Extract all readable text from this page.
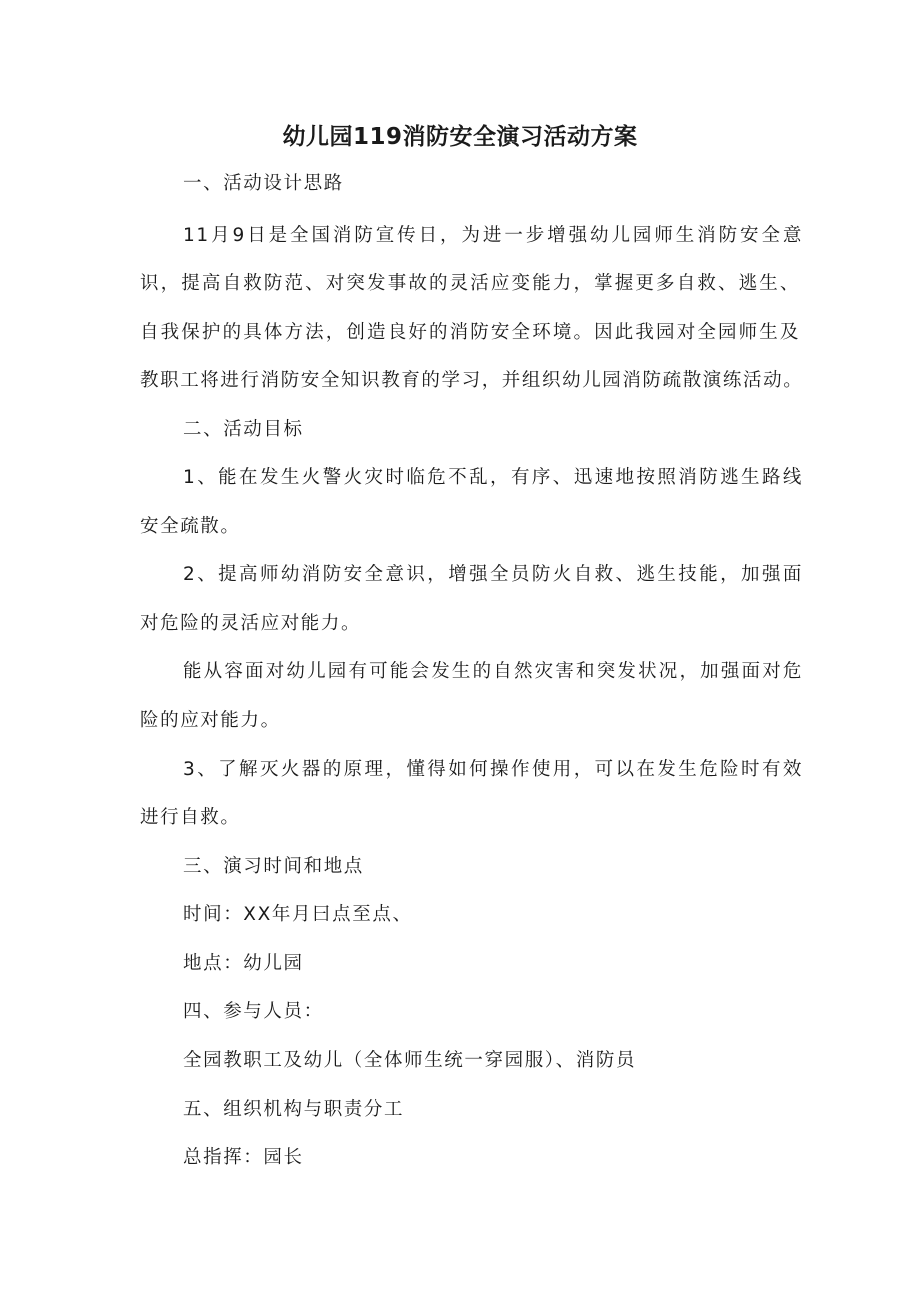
幼儿园119消防安全演习活动方案
一、活动设计思路
11月9日是全国消防宣传日，为进一步增强幼儿园师生消防安全意
识，提高自救防范、对突发事故的灵活应变能力，掌握更多自救、逃生、
自我保护的具体方法，创造良好的消防安全环境。因此我园对全园师生及
教职工将进行消防安全知识教育的学习，并组织幼儿园消防疏散演练活动。
二、活动目标
1、能在发生火警火灾时临危不乱，有序、迅速地按照消防逃生路线
安全疏散。
2、提高师幼消防安全意识，增强全员防火自救、逃生技能，加强面
对危险的灵活应对能力。
能从容面对幼儿园有可能会发生的自然灾害和突发状况，加强面对危
险的应对能力。
3、了解灭火器的原理，懂得如何操作使用，可以在发生危险时有效
进行自救。
三、演习时间和地点
时间：XX年月曰点至点、
地点：幼儿园
四、参与人员：
全园教职工及幼儿（全体师生统一穿园服）、消防员
五、组织机构与职责分工
总指挥：园长
